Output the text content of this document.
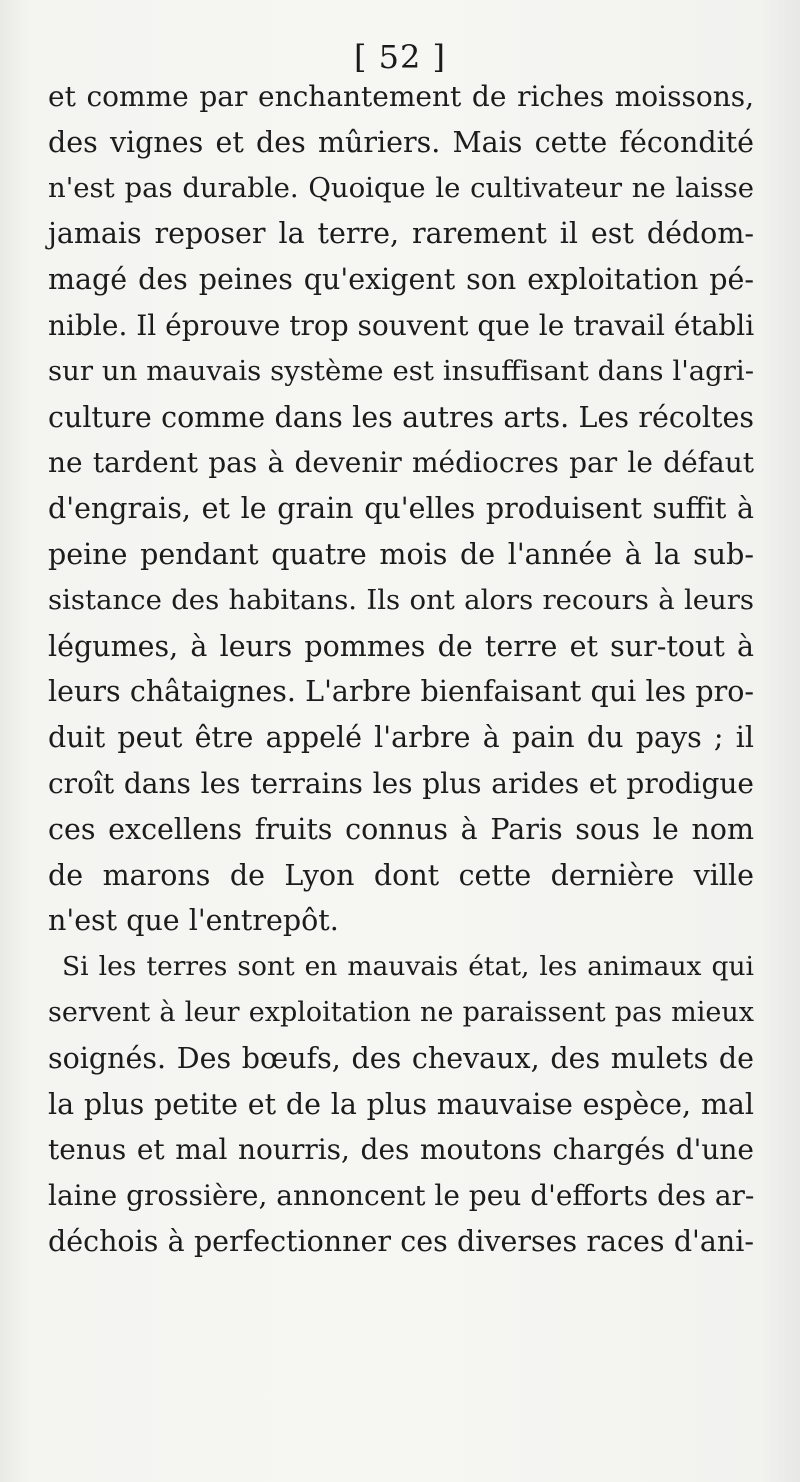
[ 52 ]
et comme par enchantement de riches moissons,
des vignes et des mûriers. Mais cette fécondité
n'est pas durable. Quoique le cultivateur ne laisse
jamais reposer la terre, rarement il est dédom-
magé des peines qu'exigent son exploitation pé-
nible. Il éprouve trop souvent que le travail établi
sur un mauvais système est insuffisant dans l'agri-
culture comme dans les autres arts. Les récoltes
ne tardent pas à devenir médiocres par le défaut
d'engrais, et le grain qu'elles produisent suffit à
peine pendant quatre mois de l'année à la sub-
sistance des habitans. Ils ont alors recours à leurs
légumes, à leurs pommes de terre et sur-tout à
leurs châtaignes. L'arbre bienfaisant qui les pro-
duit peut être appelé l'arbre à pain du pays ; il
croît dans les terrains les plus arides et prodigue
ces excellens fruits connus à Paris sous le nom
de marons de Lyon dont cette dernière ville
n'est que l'entrepôt.
Si les terres sont en mauvais état, les animaux qui
servent à leur exploitation ne paraissent pas mieux
soignés. Des bœufs, des chevaux, des mulets de
la plus petite et de la plus mauvaise espèce, mal
tenus et mal nourris, des moutons chargés d'une
laine grossière, annoncent le peu d'efforts des ar-
déchois à perfectionner ces diverses races d'ani-
